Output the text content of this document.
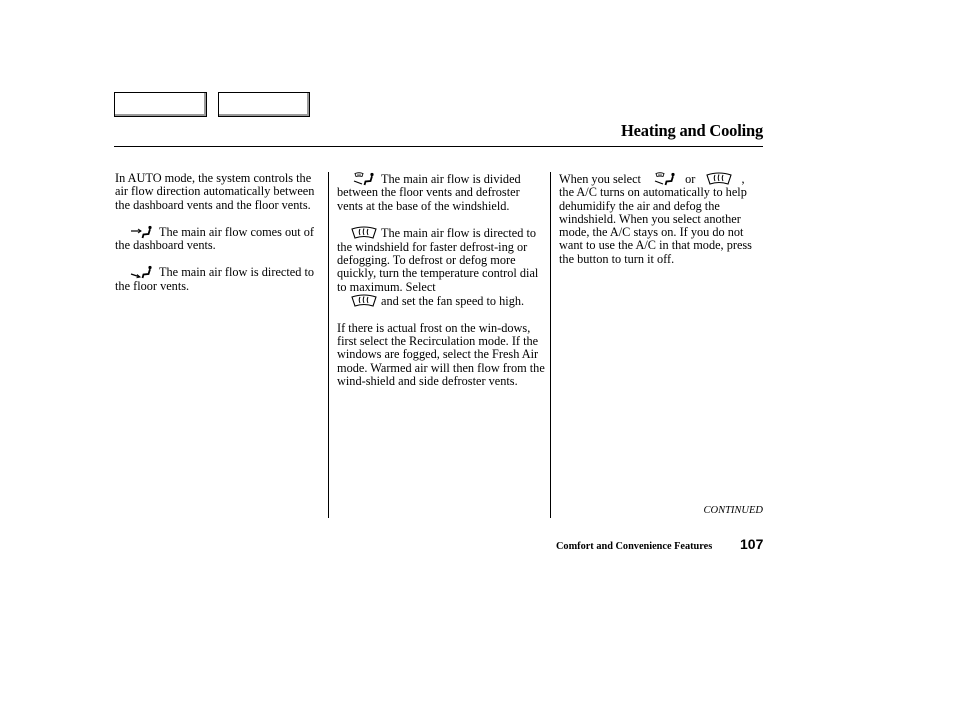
Heating and Cooling

In AUTO mode, the system controls the air flow direction automatically between the dashboard vents and the floor vents.

The main air flow comes out of the dashboard vents.

The main air flow is directed to the floor vents.

The main air flow is divided between the floor vents and defroster vents at the base of the windshield.

The main air flow is directed to the windshield for faster defrost-ing or defogging. To defrost or defog more quickly, turn the temperature control dial to maximum. Select

and set the fan speed to high.

If there is actual frost on the win-dows, first select the Recirculation mode. If the windows are fogged, select the Fresh Air mode. Warmed air will then flow from the wind-shield and side defroster vents.

When you select	or	,
the A/C turns on automatically to help dehumidify the air and defog the windshield. When you select another mode, the A/C stays on. If you do not want to use the A/C in that mode, press the button to turn it off.

CONTINUED
Comfort and Convenience Features 107
